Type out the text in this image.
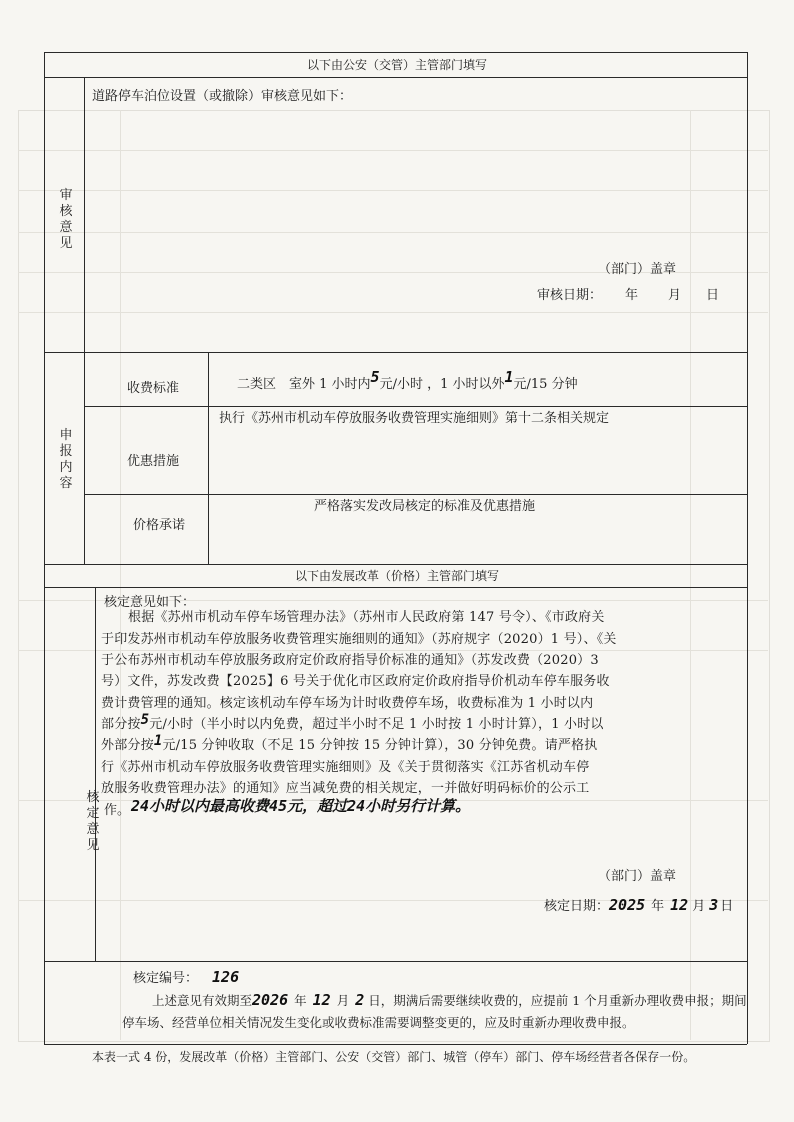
以下由公安（交管）主管部门填写
审核意见
道路停车泊位设置（或撤除）审核意见如下：
（部门）盖章
审核日期： 年 月 日
申报内容
收费标准	二类区　室外 1 小时内5元/小时 ，1 小时以外1元/15 分钟
优惠措施
执行《苏州市机动车停放服务收费管理实施细则》第十二条相关规定
价格承诺
严格落实发改局核定的标准及优惠措施
以下由发展改革（价格）主管部门填写
核定意见
核定意见如下：
根据《苏州市机动车停车场管理办法》（苏州市人民政府第 147 号令）、《市政府关
于印发苏州市机动车停放服务收费管理实施细则的通知》（苏府规字（2020）1 号）、《关
于公布苏州市机动车停放服务政府定价政府指导价标准的通知》（苏发改费（2020）3
号）文件，苏发改费【2025】6 号关于优化市区政府定价政府指导价机动车停车服务收
费计费管理的通知。核定该机动车停车场为计时收费停车场，收费标准为 1 小时以内
部分按5元/小时（半小时以内免费，超过半小时不足 1 小时按 1 小时计算），1 小时以
外部分按1元/15 分钟收取（不足 15 分钟按 15 分钟计算），30 分钟免费。请严格执
行《苏州市机动车停放服务收费管理实施细则》及《关于贯彻落实《江苏省机动车停
放服务收费管理办法》的通知》应当减免费的相关规定，一并做好明码标价的公示工
作。 24小时以内最高收费45元，超过24小时另行计算。
（部门）盖章
核定日期：2025 年 12 月 3 日
核定编号： 126
上述意见有效期至2026 年 12 月 2 日，期满后需要继续收费的，应提前 1 个月重新办理收费申报；期间
停车场、经营单位相关情况发生变化或收费标准需要调整变更的，应及时重新办理收费申报。
本表一式 4 份，发展改革（价格）主管部门、公安（交管）部门、城管（停车）部门、停车场经营者各保存一份。
